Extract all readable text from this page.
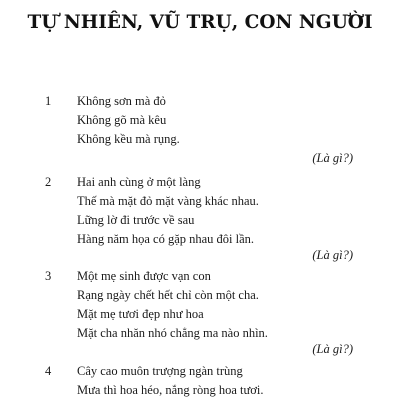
TỰ NHIÊN, VŨ TRỤ, CON NGƯỜI
1 Không sơn mà đỏ
Không gõ mà kêu
Không kều mà rụng.
(Là gì?)
2 Hai anh cùng ở một làng
Thế mà mặt đỏ mặt vàng khác nhau.
Lững lờ đi trước về sau
Hàng năm họa có gặp nhau đôi lần.
(Là gì?)
3 Một mẹ sinh được vạn con
Rạng ngày chết hết chỉ còn một cha.
Mặt mẹ tươi đẹp như hoa
Mặt cha nhăn nhó chẳng ma nào nhìn.
(Là gì?)
4 Cây cao muôn trượng ngàn trùng
Mưa thì hoa héo, nắng ròng hoa tươi.
